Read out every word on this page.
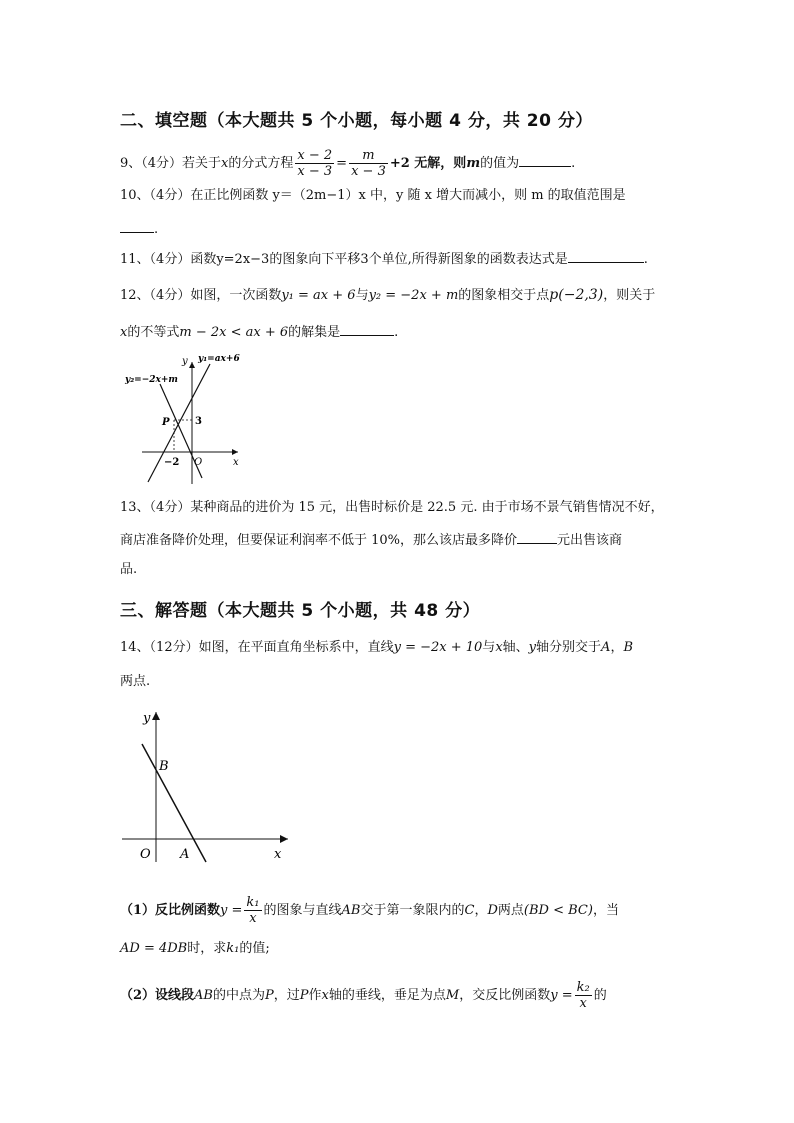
二、填空题（本大题共 5 个小题，每小题 4 分，共 20 分）
9、（4分）若关于x的分式方程 $\frac{x - 2}{x - 3} = \frac{m}{x - 3} +2$ 无解，则m的值为	.
10、（4分）在正比例函数 y＝（2m−1）x 中，y 随 x 增大而减小，则 m 的取值范围是
.
11、（4分）函数y=2x−3的图象向下平移3个单位,所得新图象的函数表达式是	.
12、（4分）如图，一次函数y₁ = ax + 6与y₂ = −2x + m的图象相交于点p(−2,3)，则关于
x的不等式m − 2x < ax + 6的解集是	.
y₁=ax+6
y₂=−2x+m
y
x
P	3
−2 O
13、（4分）某种商品的进价为 15 元，出售时标价是 22.5 元. 由于市场不景气销售情况不好，
商店准备降价处理，但要保证利润率不低于 10%，那么该店最多降价	元出售该商
品.
三、解答题（本大题共 5 个小题，共 48 分）
14、（12分）如图，在平面直角坐标系中，直线y = −2x + 10与x轴、y轴分别交于A，B
两点.
y
x
B
O A
（1）反比例函数$y = \frac{\text{k₁}}{x}$ 的图象与直线AB交于第一象限内的C，D两点(BD < BC)，当
AD = 4DB时，求k₁的值;
（2）设线段AB的中点为P，过P作x轴的垂线，垂足为点M，交反比例函数$y = \frac{\text{k₂}}{x}$ 的
